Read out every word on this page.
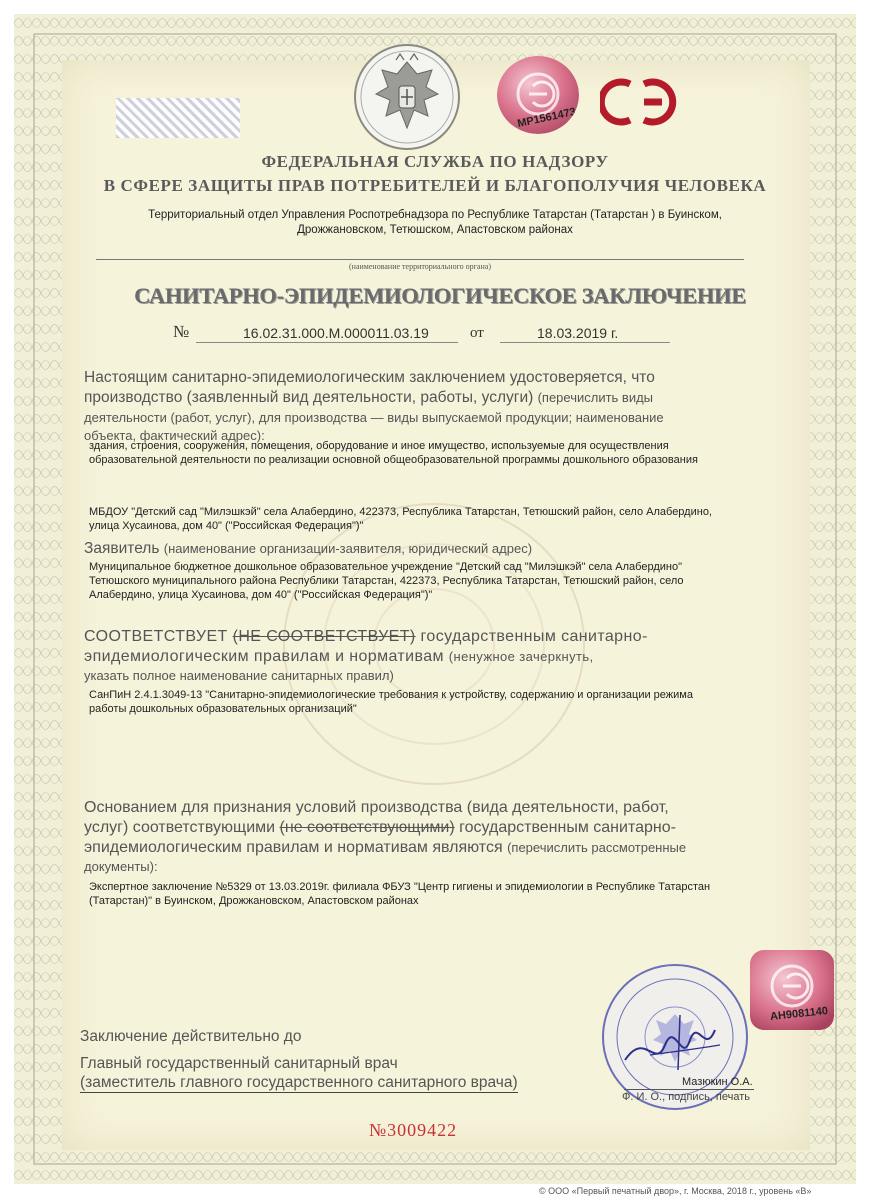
МР1561473
ФЕДЕРАЛЬНАЯ СЛУЖБА ПО НАДЗОРУ
В СФЕРЕ ЗАЩИТЫ ПРАВ ПОТРЕБИТЕЛЕЙ И БЛАГОПОЛУЧИЯ ЧЕЛОВЕКА
Территориальный отдел Управления Роспотребнадзора по Республике Татарстан (Татарстан ) в Буинском,
Дрожжановском, Тетюшском, Апастовском районах
(наименование территориального органа)
САНИТАРНО-ЭПИДЕМИОЛОГИЧЕСКОЕ ЗАКЛЮЧЕНИЕ
№	16.02.31.000.М.000011.03.19	от	18.03.2019 г.
Настоящим санитарно-эпидемиологическим заключением удостоверяется, что
производство (заявленный вид деятельности, работы, услуги) (перечислить виды
деятельности (работ, услуг), для производства — виды выпускаемой продукции; наименование
объекта, фактический адрес):
здания, строения, сооружения, помещения, оборудование и иное имущество, используемые для осуществления
образовательной деятельности по реализации основной общеобразовательной программы дошкольного образования
МБДОУ "Детский сад "Милэшкэй" села Алабердино, 422373, Республика Татарстан, Тетюшский район, село Алабердино,
улица Хусаинова, дом 40" ("Российская Федерация")"
Заявитель (наименование организации-заявителя, юридический адрес)
Муниципальное бюджетное дошкольное образовательное учреждение "Детский сад "Милэшкэй" села Алабердино"
Тетюшского муниципального района Республики Татарстан, 422373, Республика Татарстан, Тетюшский район, село
Алабердино, улица Хусаинова, дом 40" ("Российская Федерация")"
СООТВЕТСТВУЕТ (НЕ СООТВЕТСТВУЕТ) государственным санитарно-
эпидемиологическим правилам и нормативам (ненужное зачеркнуть,
указать полное наименование санитарных правил)
СанПиН 2.4.1.3049-13 "Санитарно-эпидемиологические требования к устройству, содержанию и организации режима
работы дошкольных образовательных организаций"
Основанием для признания условий производства (вида деятельности, работ,
услуг) соответствующими (не соответствующими) государственным санитарно-
эпидемиологическим правилам и нормативам являются (перечислить рассмотренные
документы):
Экспертное заключение №5329 от 13.03.2019г. филиала ФБУЗ "Центр гигиены и эпидемиологии в Республике Татарстан
(Татарстан)" в Буинском, Дрожжановском, Апастовском районах
Заключение действительно до
Главный государственный санитарный врач
(заместитель главного государственного санитарного врача)	Мазюкин О.А.
Ф. И. О., подпись, печать
АН9081140
№3009422
© ООО «Первый печатный двор», г. Москва, 2018 г., уровень «В»
